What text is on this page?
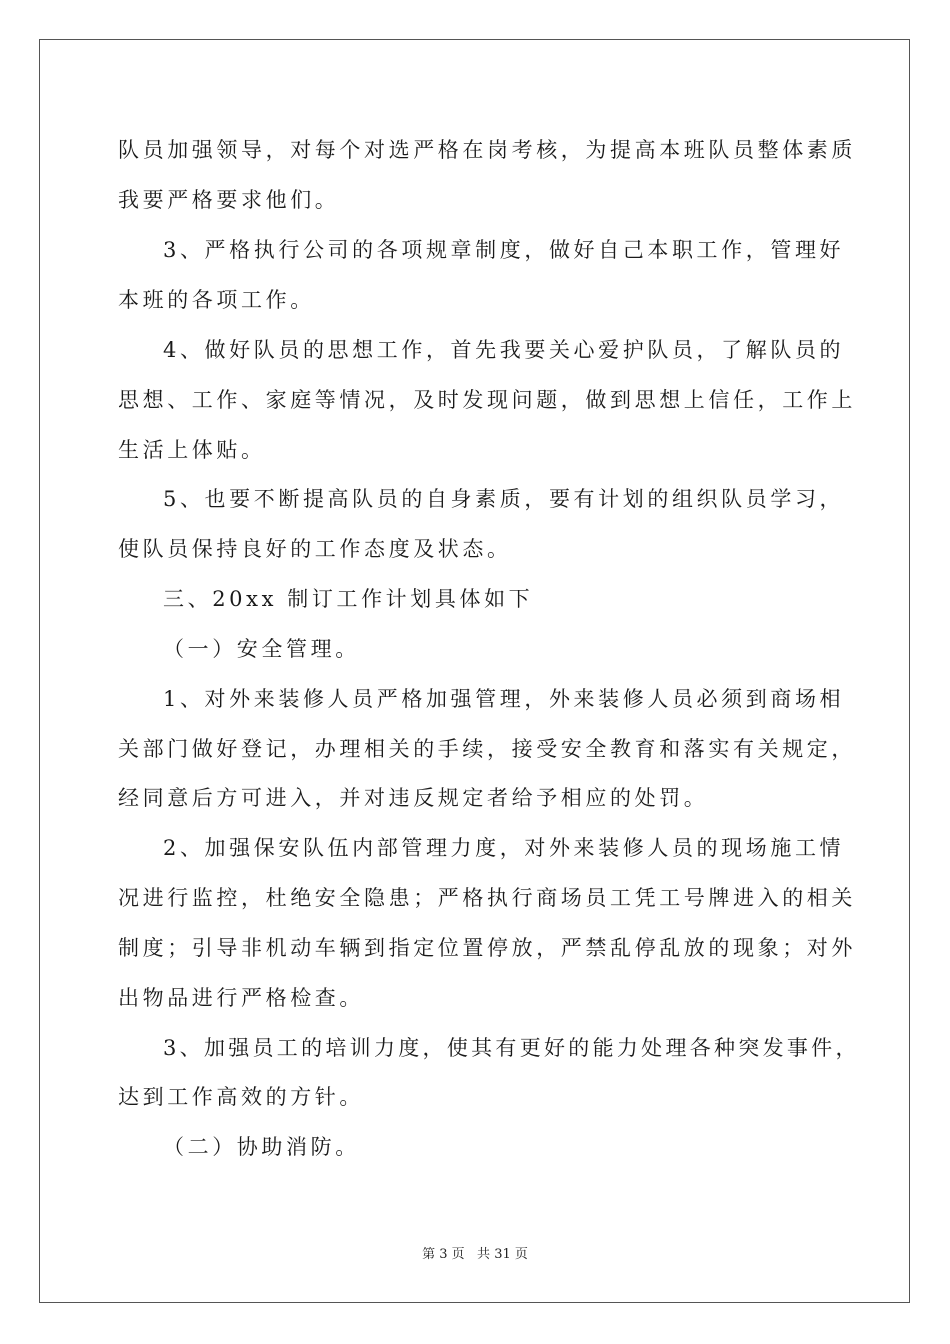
队员加强领导，对每个对选严格在岗考核，为提高本班队员整体素质
我要严格要求他们。
3、严格执行公司的各项规章制度，做好自己本职工作，管理好
本班的各项工作。
4、做好队员的思想工作，首先我要关心爱护队员，了解队员的
思想、工作、家庭等情况，及时发现问题，做到思想上信任，工作上
生活上体贴。
5、也要不断提高队员的自身素质，要有计划的组织队员学习，
使队员保持良好的工作态度及状态。
三、20xx 制订工作计划具体如下
（一）安全管理。
1、对外来装修人员严格加强管理，外来装修人员必须到商场相
关部门做好登记，办理相关的手续，接受安全教育和落实有关规定，
经同意后方可进入，并对违反规定者给予相应的处罚。
2、加强保安队伍内部管理力度，对外来装修人员的现场施工情
况进行监控，杜绝安全隐患；严格执行商场员工凭工号牌进入的相关
制度；引导非机动车辆到指定位置停放，严禁乱停乱放的现象；对外
出物品进行严格检查。
3、加强员工的培训力度，使其有更好的能力处理各种突发事件，
达到工作高效的方针。
（二）协助消防。
第 3 页   共 31 页
